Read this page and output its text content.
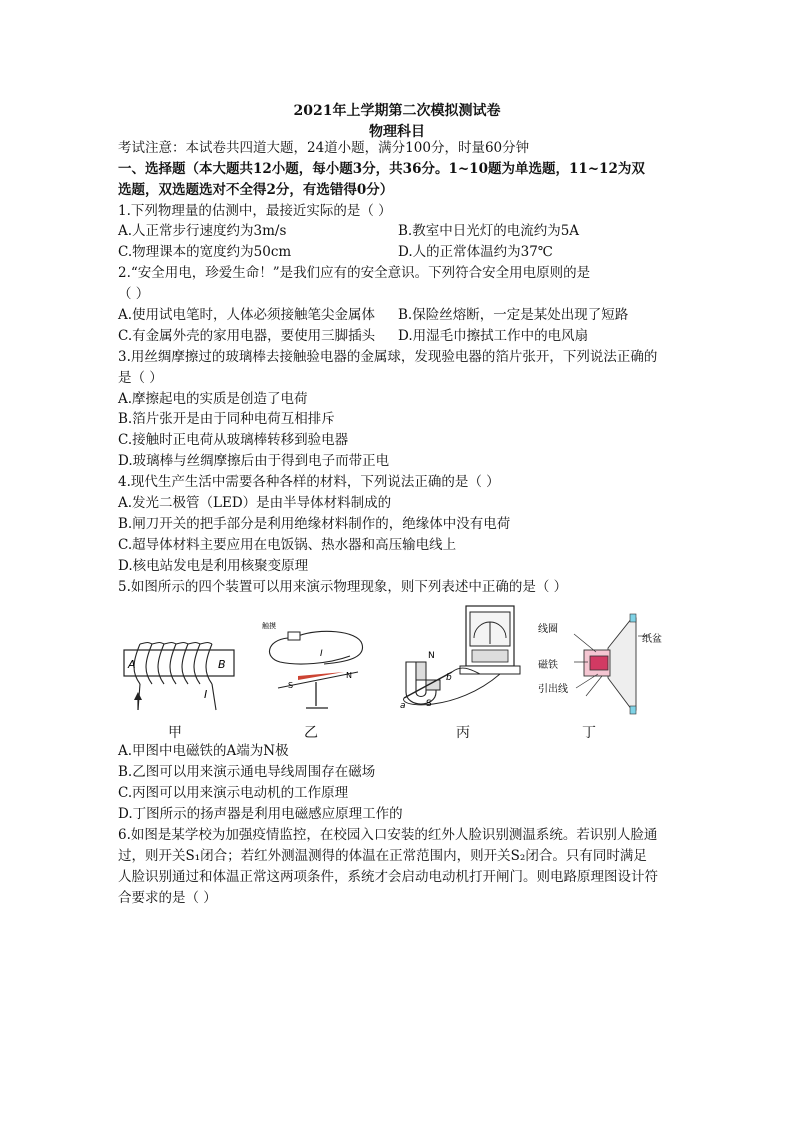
2021年上学期第二次模拟测试卷
物理科目
考试注意：本试卷共四道大题，24道小题，满分100分，时量60分钟
一、选择题（本大题共12小题，每小题3分，共36分。1~10题为单选题，11~12为双
选题，双选题选对不全得2分，有选错得0分）
1.下列物理量的估测中，最接近实际的是（ ）
A.人正常步行速度约为3m/s	B.教室中日光灯的电流约为5A
C.物理课本的宽度约为50cm	D.人的正常体温约为37℃
2.“安全用电，珍爱生命！”是我们应有的安全意识。下列符合安全用电原则的是
（ ）
A.使用试电笔时，人体必须接触笔尖金属体 B.保险丝熔断，一定是某处出现了短路
C.有金属外壳的家用电器，要使用三脚插头 D.用湿毛巾擦拭工作中的电风扇
3.用丝绸摩擦过的玻璃棒去接触验电器的金属球，发现验电器的箔片张开，下列说法正确的
是（ ）
A.摩擦起电的实质是创造了电荷
B.箔片张开是由于同种电荷互相排斥
C.接触时正电荷从玻璃棒转移到验电器
D.玻璃棒与丝绸摩擦后由于得到电子而带正电
4.现代生产生活中需要各种各样的材料，下列说法正确的是（ ）
A.发光二极管（LED）是由半导体材料制成的
B.闸刀开关的把手部分是利用绝缘材料制作的，绝缘体中没有电荷
C.超导体材料主要应用在电饭锅、热水器和高压输电线上
D.核电站发电是利用核聚变原理
5.如图所示的四个装置可以用来演示物理现象，则下列表述中正确的是（ ）
A	B
I
甲
触摸
I
S
N
乙
N
S
a
b
丙
线圈
纸盆
磁铁
引出线
丁
A.甲图中电磁铁的A端为N极
B.乙图可以用来演示通电导线周围存在磁场
C.丙图可以用来演示电动机的工作原理
D.丁图所示的扬声器是利用电磁感应原理工作的
6.如图是某学校为加强疫情监控，在校园入口安装的红外人脸识别测温系统。若识别人脸通
过，则开关S₁闭合；若红外测温测得的体温在正常范围内，则开关S₂闭合。只有同时满足
人脸识别通过和体温正常这两项条件，系统才会启动电动机打开闸门。则电路原理图设计符
合要求的是（ ）
